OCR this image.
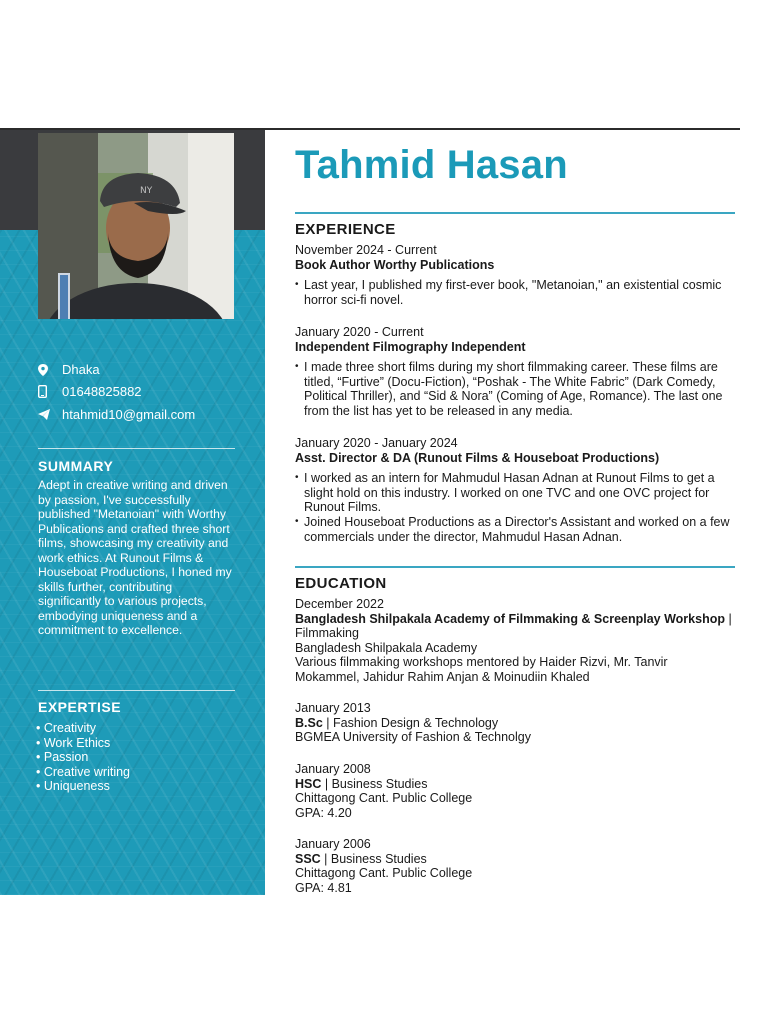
NY
Dhaka
01648825882
htahmid10@gmail.com
SUMMARY
Adept in creative writing and driven by passion, I've successfully published "Metanoian" with Worthy Publications and crafted three short films, showcasing my creativity and work ethics. At Runout Films & Houseboat Productions, I honed my skills further, contributing significantly to various projects, embodying uniqueness and a commitment to excellence.
EXPERTISE
• Creativity
• Work Ethics
• Passion
• Creative writing
• Uniqueness
Tahmid Hasan
EXPERIENCE
November 2024 - Current
Book Author Worthy Publications
• Last year, I published my first-ever book, "Metanoian," an existential cosmic horror sci-fi novel.
January 2020 - Current
Independent Filmography Independent
• I made three short films during my short filmmaking career. These films are titled, “Furtive” (Docu-Fiction), “Poshak - The White Fabric” (Dark Comedy, Political Thriller), and “Sid & Nora” (Coming of Age, Romance). The last one from the list has yet to be released in any media.
January 2020 - January 2024
Asst. Director & DA (Runout Films & Houseboat Productions)
• I worked as an intern for Mahmudul Hasan Adnan at Runout Films to get a slight hold on this industry. I worked on one TVC and one OVC project for Runout Films.
• Joined Houseboat Productions as a Director's Assistant and worked on a few commercials under the director, Mahmudul Hasan Adnan.
EDUCATION
December 2022
Bangladesh Shilpakala Academy of Filmmaking & Screenplay Workshop | Filmmaking
Bangladesh Shilpakala Academy
Various filmmaking workshops mentored by Haider Rizvi, Mr. Tanvir Mokammel, Jahidur Rahim Anjan & Moinudiin Khaled
January 2013
B.Sc | Fashion Design & Technology
BGMEA University of Fashion & Technolgy
January 2008
HSC | Business Studies
Chittagong Cant. Public College
GPA: 4.20
January 2006
SSC | Business Studies
Chittagong Cant. Public College
GPA: 4.81
